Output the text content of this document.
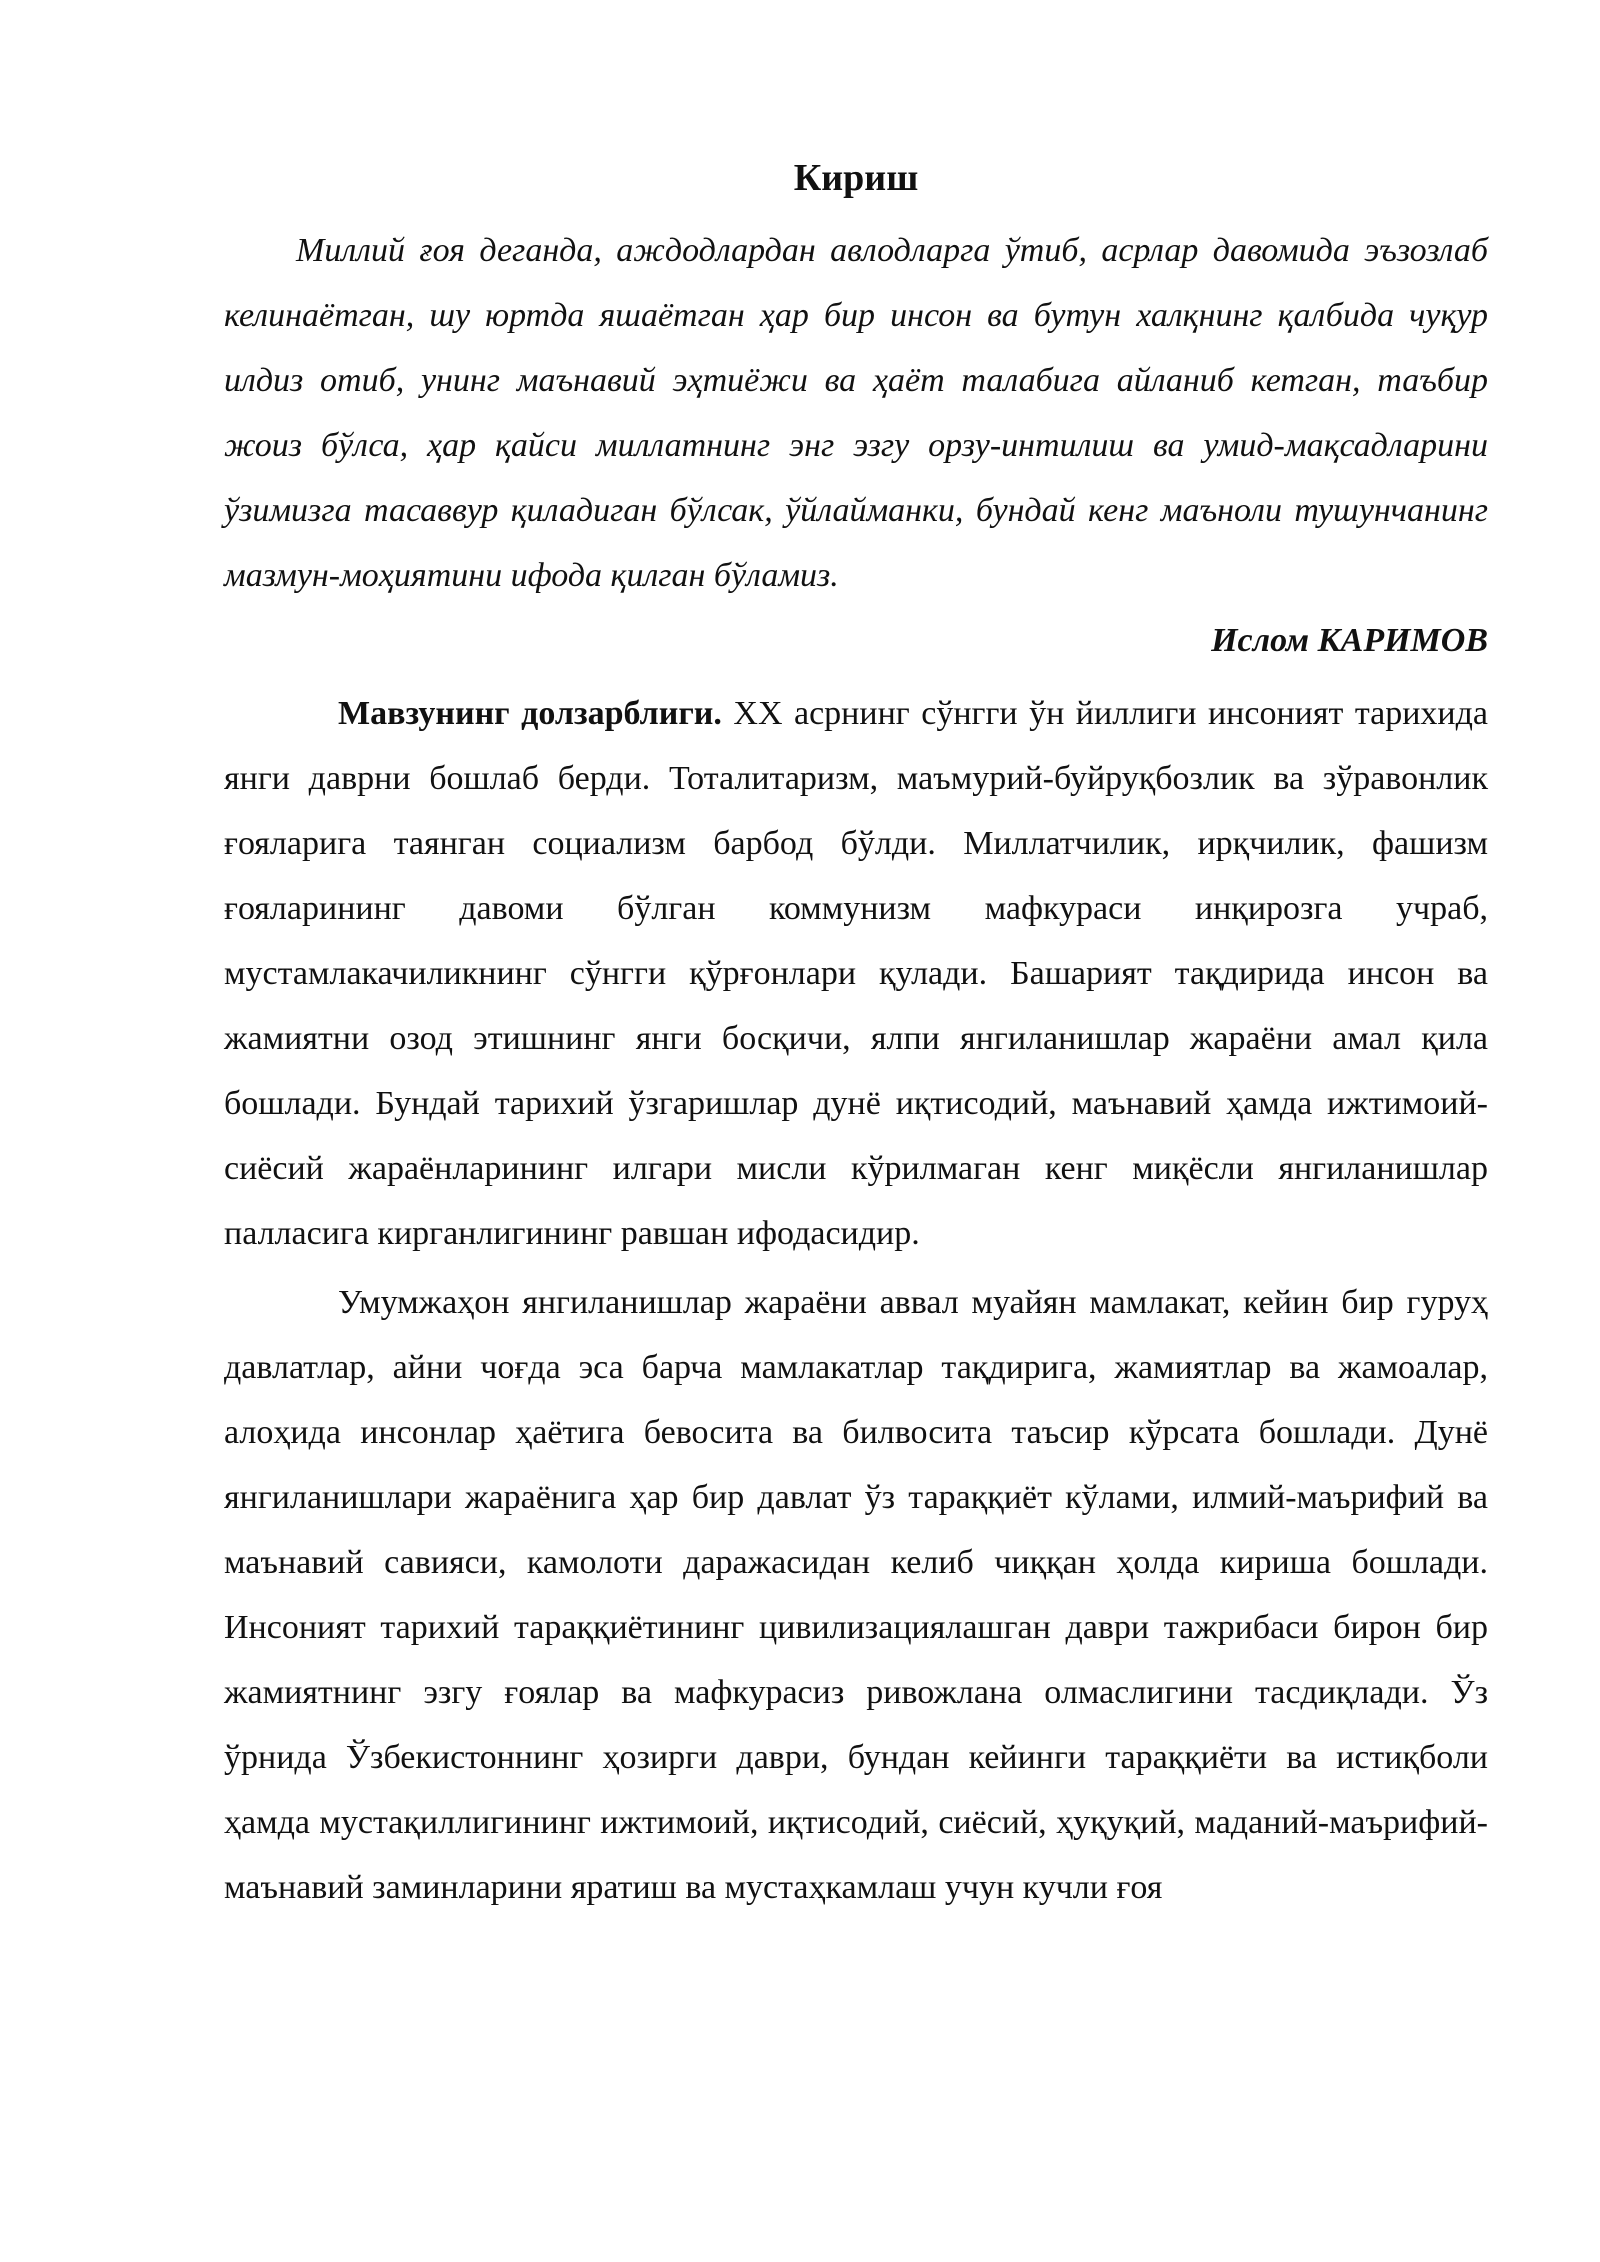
Кириш

Миллий ғоя деганда, аждодлардан авлодларга ўтиб, асрлар давомида эъзозлаб келинаётган, шу юртда яшаётган ҳар бир инсон ва бутун халқнинг қалбида чуқур илдиз отиб, унинг маънавий эҳтиёжи ва ҳаёт талабига айланиб кетган, таъбир жоиз бўлса, ҳар қайси миллатнинг энг эзгу орзу-интилиш ва умид-мақсадларини ўзимизга тасаввур қиладиган бўлсак, ўйлайманки, бундай кенг маъноли тушунчанинг мазмун-моҳиятини ифода қилган бўламиз.

Ислом КАРИМОВ

Мавзунинг долзарблиги. XX асрнинг сўнгги ўн йиллиги инсоният тарихида янги даврни бошлаб берди. Тоталитаризм, маъмурий-буйруқбозлик ва зўравонлик ғояларига таянган социализм барбод бўлди. Миллатчилик, ирқчилик, фашизм ғояларининг давоми бўлган коммунизм мафкураси инқирозга учраб, мустамлакачиликнинг сўнгги қўрғонлари қулади. Башарият тақдирида инсон ва жамиятни озод этишнинг янги босқичи, ялпи янгиланишлар жараёни амал қила бошлади. Бундай тарихий ўзгаришлар дунё иқтисодий, маънавий ҳамда ижтимоий-сиёсий жараёнларининг илгари мисли кўрилмаган кенг миқёсли янгиланишлар палласига кирганлигининг равшан ифодасидир.

Умумжаҳон янгиланишлар жараёни аввал муайян мамлакат, кейин бир гуруҳ давлатлар, айни чоғда эса барча мамлакатлар тақдирига, жамиятлар ва жамоалар, алоҳида инсонлар ҳаётига бевосита ва билвосита таъсир кўрсата бошлади. Дунё янгиланишлари жараёнига ҳар бир давлат ўз тараққиёт кўлами, илмий-маърифий ва маънавий савияси, камолоти даражасидан келиб чиққан ҳолда кириша бошлади. Инсоният тарихий тараққиётининг цивилизациялашган даври тажрибаси бирон бир жамиятнинг эзгу ғоялар ва мафкурасиз ривожлана олмаслигини тасдиқлади. Ўз ўрнида Ўзбекистоннинг ҳозирги даври, бундан кейинги тараққиёти ва истиқболи ҳамда мустақиллигининг ижтимоий, иқтисодий, сиёсий, ҳуқуқий, маданий-маърифий-маънавий заминларини яратиш ва мустаҳкамлаш учун кучли ғоя
